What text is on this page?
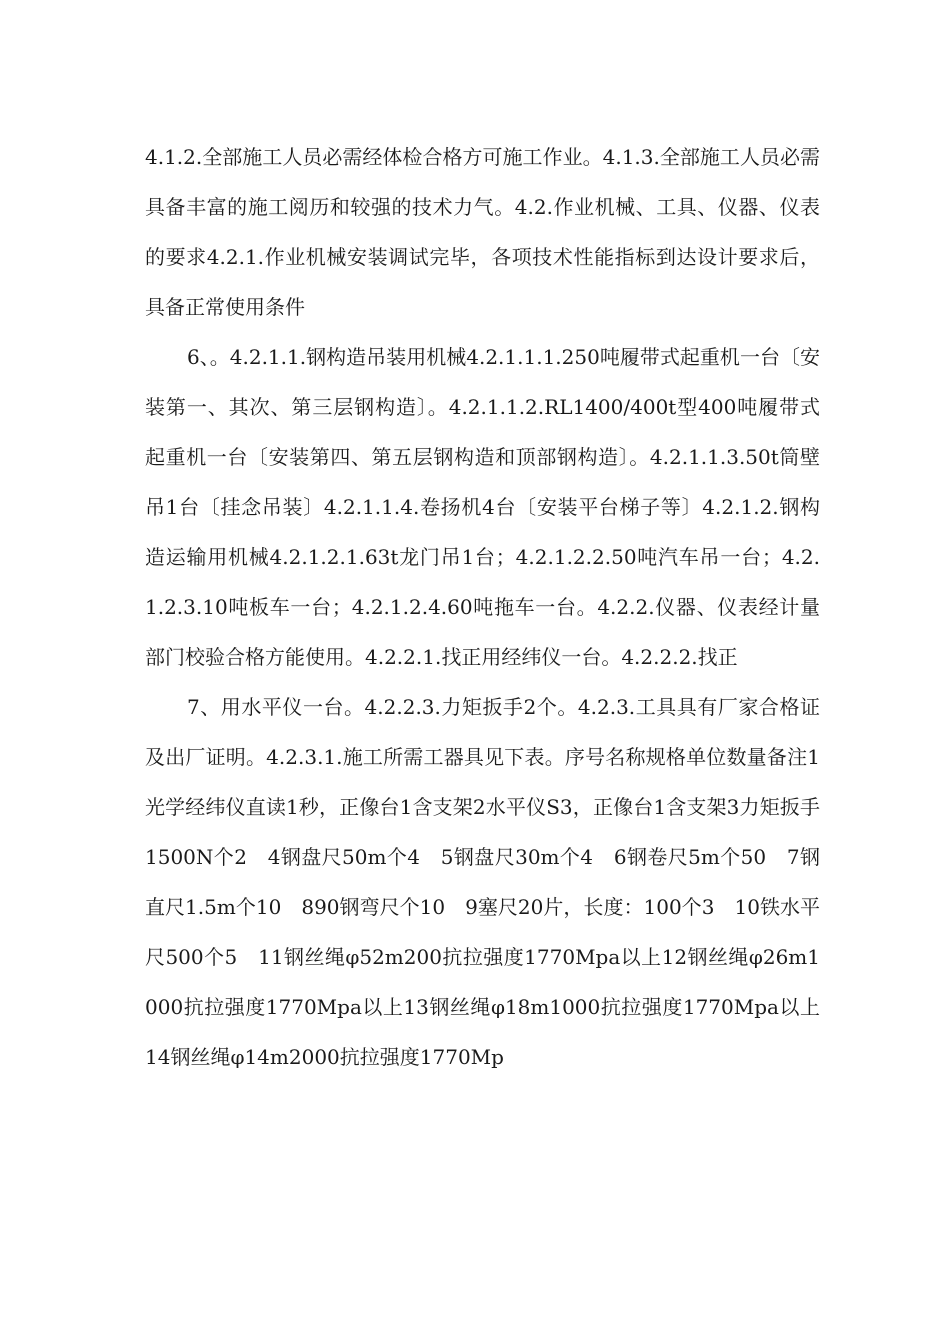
4.1.2.全部施工人员必需经体检合格方可施工作业。4.1.3.全部施工人员必需具备丰富的施工阅历和较强的技术力气。4.2.作业机械、工具、仪器、仪表的要求4.2.1.作业机械安装调试完毕，各项技术性能指标到达设计要求后，具备正常使用条件

6、。4.2.1.1.钢构造吊装用机械4.2.1.1.1.250吨履带式起重机一台〔安装第一、其次、第三层钢构造〕。4.2.1.1.2.RL1400/400t型400吨履带式起重机一台〔安装第四、第五层钢构造和顶部钢构造〕。4.2.1.1.3.50t筒壁吊1台〔挂念吊装〕4.2.1.1.4.卷扬机4台〔安装平台梯子等〕4.2.1.2.钢构造运输用机械4.2.1.2.1.63t龙门吊1台；4.2.1.2.2.50吨汽车吊一台；4.2.1.2.3.10吨板车一台；4.2.1.2.4.60吨拖车一台。4.2.2.仪器、仪表经计量部门校验合格方能使用。4.2.2.1.找正用经纬仪一台。4.2.2.2.找正

7、用水平仪一台。4.2.2.3.力矩扳手2个。4.2.3.工具具有厂家合格证及出厂证明。4.2.3.1.施工所需工器具见下表。序号名称规格单位数量备注1光学经纬仪直读1秒，正像台1含支架2水平仪S3，正像台1含支架3力矩扳手1500N个2　4钢盘尺50m个4　5钢盘尺30m个4　6钢卷尺5m个50　7钢直尺1.5m个10　890钢弯尺个10　9塞尺20片，长度：100个3　10铁水平尺500个5　11钢丝绳φ52m200抗拉强度1770Mpa以上12钢丝绳φ26m1000抗拉强度1770Mpa以上13钢丝绳φ18m1000抗拉强度1770Mpa以上14钢丝绳φ14m2000抗拉强度1770Mp
